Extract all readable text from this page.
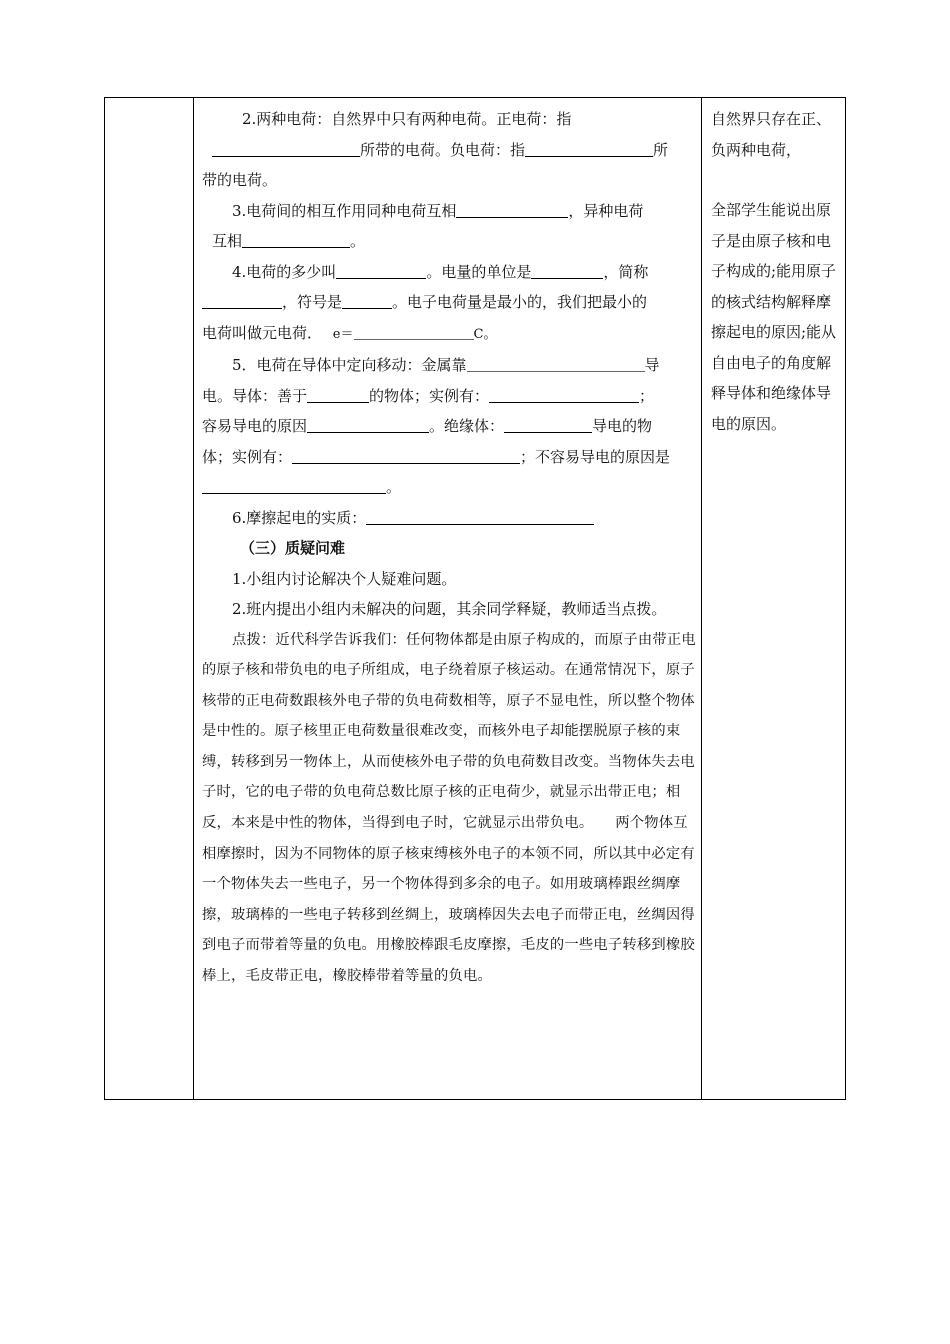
2.两种电荷：自然界中只有两种电荷。正电荷：指

所带的电荷。负电荷：指	所

带的电荷。

3.电荷间的相互作用同种电荷互相	，异种电荷

互相	。

4.电荷的多少叫	。电量的单位是	，简称

，符号是	。电子电荷量是最小的，我们把最小的

电荷叫做元电荷． e＝	C。

5．电荷在导体中定向移动：金属靠	导

电。导体：善于	的物体；实例有：	；

容易导电的原因	。绝缘体：	导电的物

体；实例有：	；不容易导电的原因是

。

6.摩擦起电的实质：

（三）质疑问难

1.小组内讨论解决个人疑难问题。

2.班内提出小组内未解决的问题，其余同学释疑，教师适当点拨。

点拨：近代科学告诉我们：任何物体都是由原子构成的，而原子由带正电的原子核和带负电的电子所组成，电子绕着原子核运动。在通常情况下，原子核带的正电荷数跟核外电子带的负电荷数相等，原子不显电性，所以整个物体是中性的。原子核里正电荷数量很难改变，而核外电子却能摆脱原子核的束缚，转移到另一物体上，从而使核外电子带的负电荷数目改变。当物体失去电子时，它的电子带的负电荷总数比原子核的正电荷少，就显示出带正电；相反，本来是中性的物体，当得到电子时，它就显示出带负电。　　两个物体互相摩擦时，因为不同物体的原子核束缚核外电子的本领不同，所以其中必定有一个物体失去一些电子，另一个物体得到多余的电子。如用玻璃棒跟丝绸摩擦，玻璃棒的一些电子转移到丝绸上，玻璃棒因失去电子而带正电，丝绸因得到电子而带着等量的负电。用橡胶棒跟毛皮摩擦，毛皮的一些电子转移到橡胶棒上，毛皮带正电，橡胶棒带着等量的负电。

自然界只存在正、负两种电荷，

全部学生能说出原子是由原子核和电子构成的;能用原子的核式结构解释摩擦起电的原因;能从自由电子的角度解释导体和绝缘体导电的原因。
